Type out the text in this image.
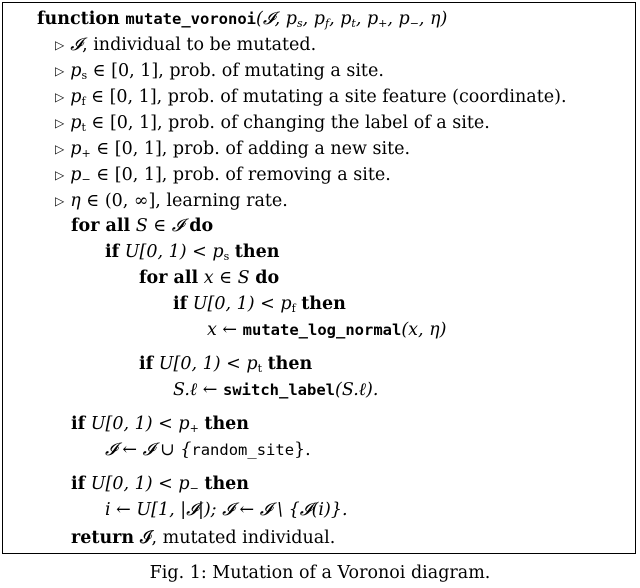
function mutate_voronoi(𝓘, $p_s$, $p_f$, $p_t$, $p_+$, $p_-$, η)
▷ 𝓘, individual to be mutated.
▷ $p_s$ ∈ [0, 1], prob. of mutating a site.
▷ $p_f$ ∈ [0, 1], prob. of mutating a site feature (coordinate).
▷ $p_t$ ∈ [0, 1], prob. of changing the label of a site.
▷ $p_+$ ∈ [0, 1], prob. of adding a new site.
▷ $p_-$ ∈ [0, 1], prob. of removing a site.
▷ η ∈ (0, ∞], learning rate.
for all S ∈ 𝓘 do
if U[0, $1) < p_s$ then
for all x ∈ S do
if U[0, $1) < p_f$ then
x ← mutate_log_normal(x, η)
if U[0, $1) < p_t$ then
S.ℓ ← switch_label(S.ℓ).
if U[0, $1) < p_+$ then
𝓘 ← 𝓘 ∪ {random_site}.
if U[0, $1) < p_-$ then
i ← U[1, |𝓘|); 𝓘 ← 𝓘 \ {𝓘(i)}.
return 𝓘, mutated individual.
Fig. 1: Mutation of a Voronoi diagram.
